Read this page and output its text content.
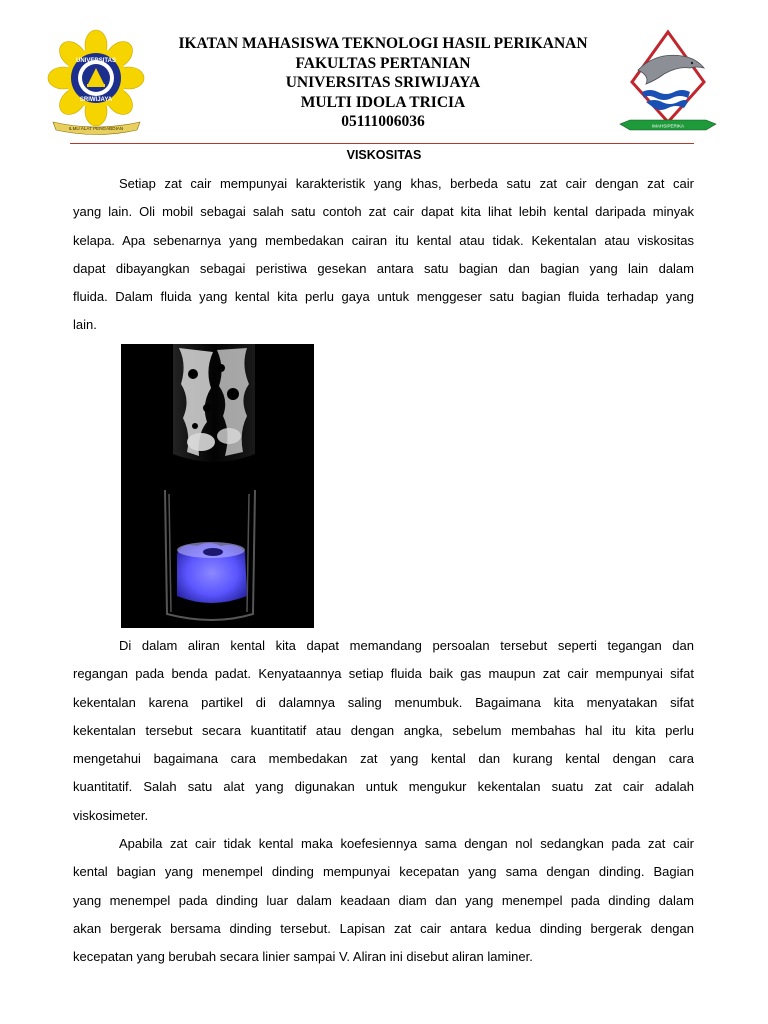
UNIVERSITAS
SRIWIJAYA
ILMU ALAT PENGABDIAN
IKATAN MAHASISWA TEKNOLOGI HASIL PERIKANAN
FAKULTAS PERTANIAN
UNIVERSITAS SRIWIJAYA
MULTI IDOLA TRICIA
05111006036	IMAHSIPERIKA
VISKOSITAS
Setiap zat cair mempunyai karakteristik yang khas, berbeda satu zat cair dengan zat cair
yang lain. Oli mobil sebagai salah satu contoh zat cair dapat kita lihat lebih kental daripada minyak
kelapa. Apa sebenarnya yang membedakan cairan itu kental atau tidak. Kekentalan atau viskositas
dapat dibayangkan sebagai peristiwa gesekan antara satu bagian dan bagian yang lain dalam
fluida. Dalam fluida yang kental kita perlu gaya untuk menggeser satu bagian fluida terhadap yang
lain.
Di dalam aliran kental kita dapat memandang persoalan tersebut seperti tegangan dan
regangan pada benda padat. Kenyataannya setiap fluida baik gas maupun zat cair mempunyai sifat
kekentalan karena partikel di dalamnya saling menumbuk. Bagaimana kita menyatakan sifat
kekentalan tersebut secara kuantitatif atau dengan angka, sebelum membahas hal itu kita perlu
mengetahui bagaimana cara membedakan zat yang kental dan kurang kental dengan cara
kuantitatif. Salah satu alat yang digunakan untuk mengukur kekentalan suatu zat cair adalah
viskosimeter.
Apabila zat cair tidak kental maka koefesiennya sama dengan nol sedangkan pada zat cair
kental bagian yang menempel dinding mempunyai kecepatan yang sama dengan dinding. Bagian
yang menempel pada dinding luar dalam keadaan diam dan yang menempel pada dinding dalam
akan bergerak bersama dinding tersebut. Lapisan zat cair antara kedua dinding bergerak dengan
kecepatan yang berubah secara linier sampai V. Aliran ini disebut aliran laminer.
